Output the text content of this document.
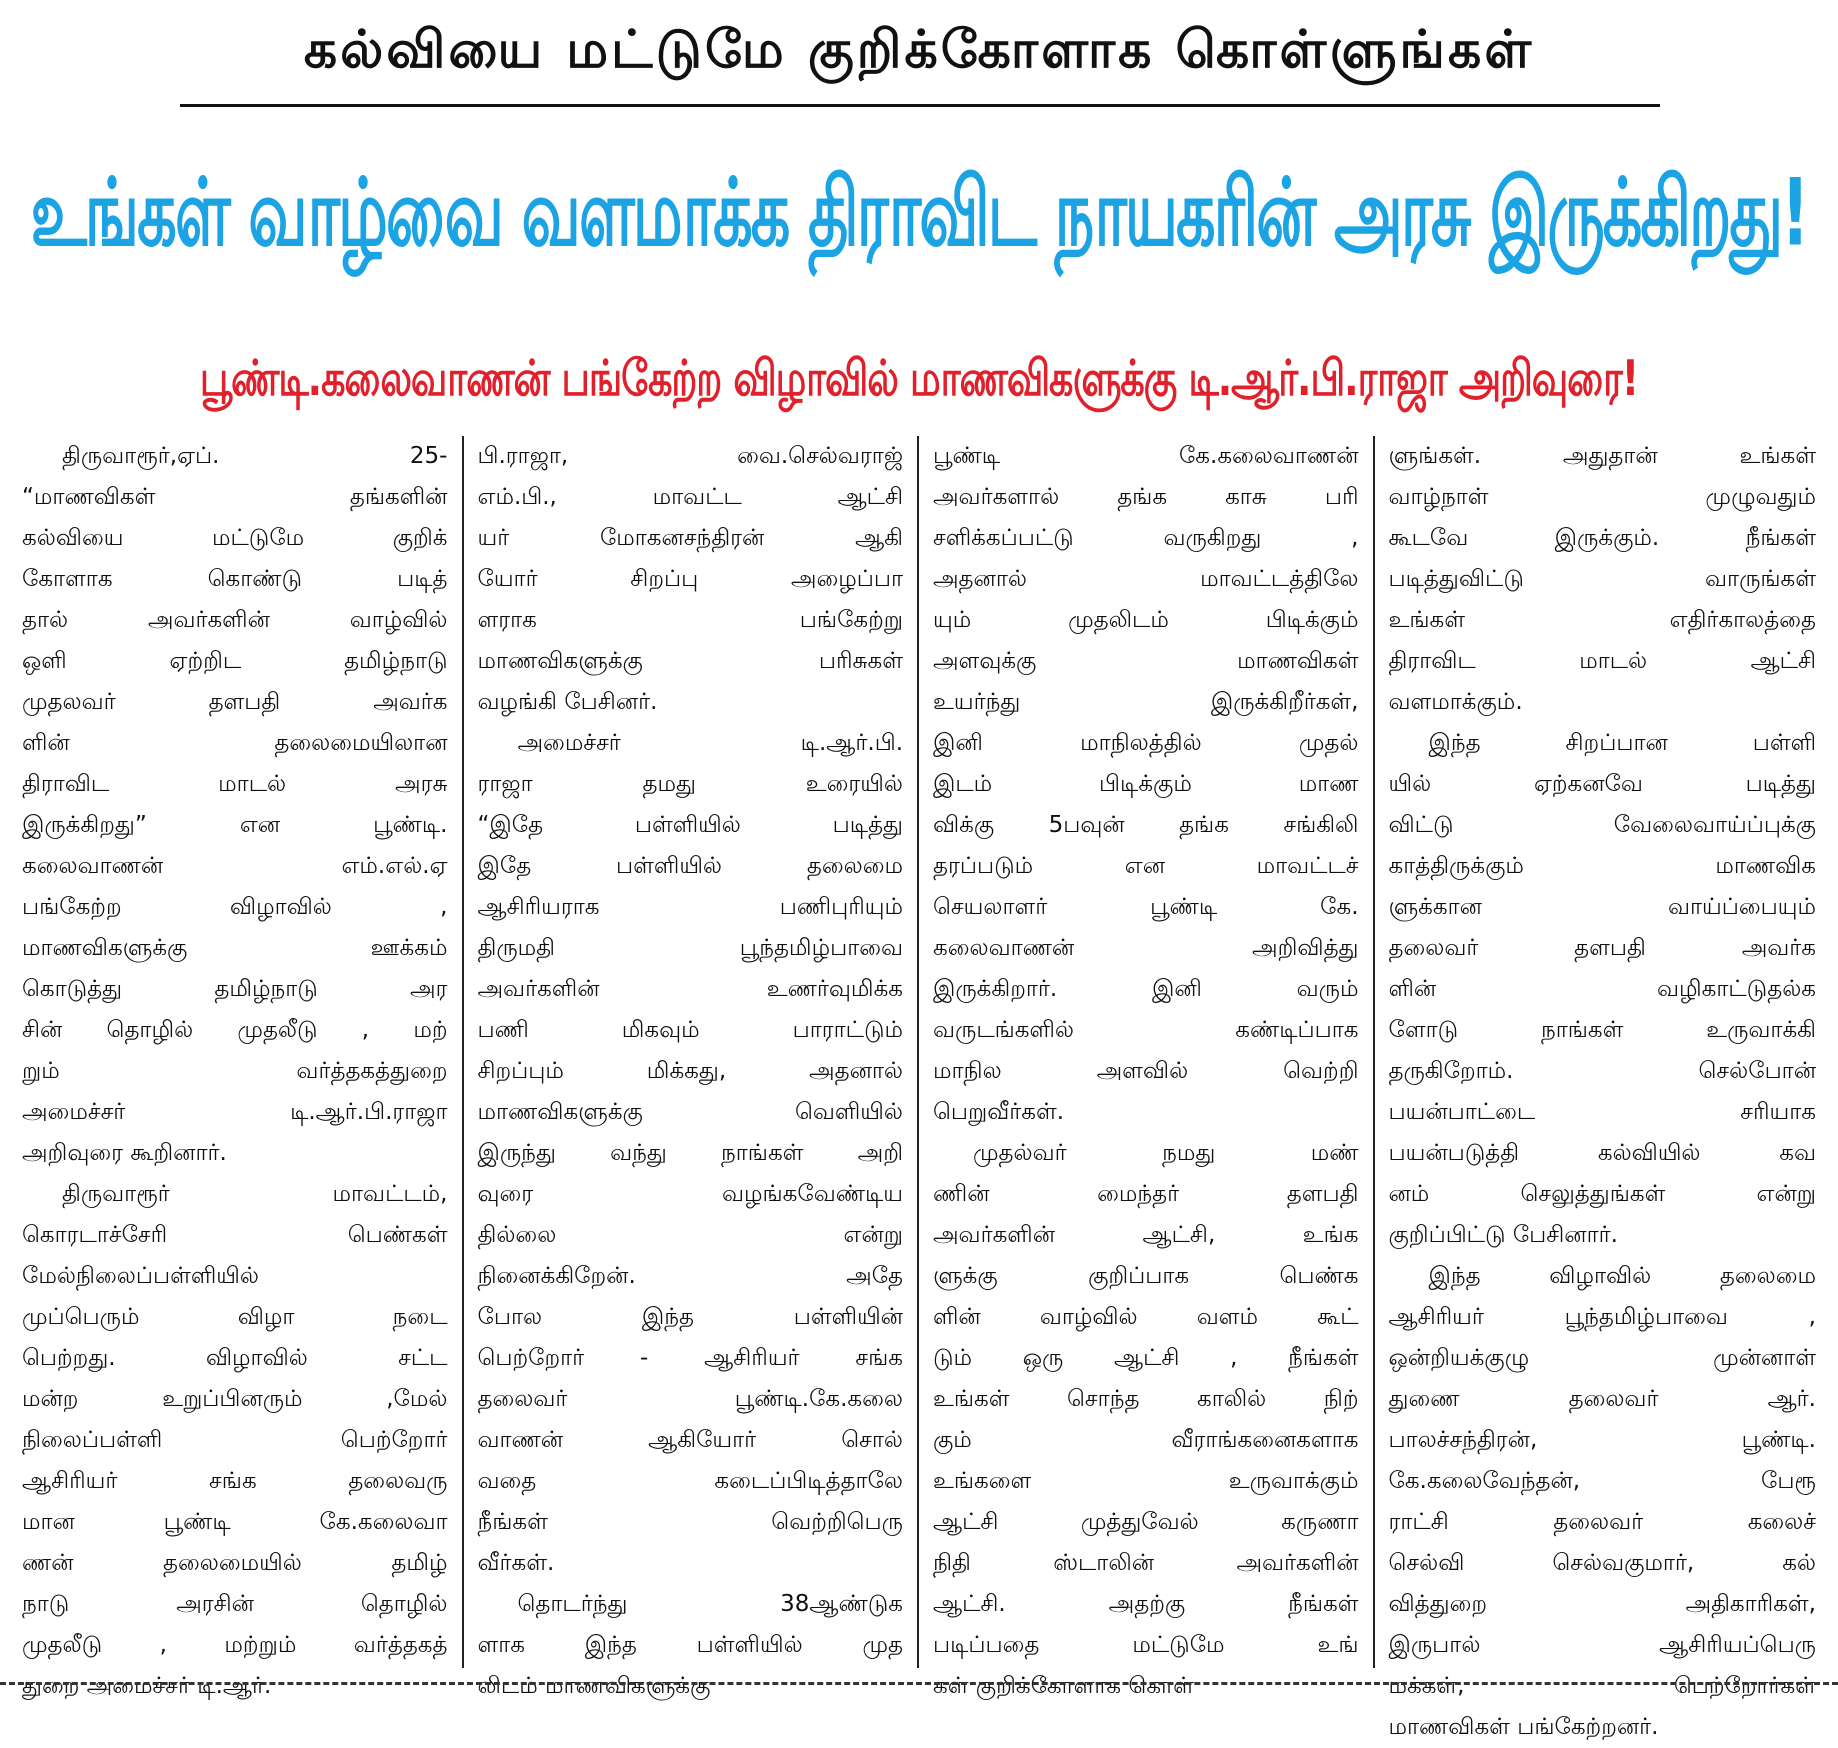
கல்வியை மட்டுமே குறிக்கோளாக கொள்ளுங்கள்
உங்கள் வாழ்வை வளமாக்க திராவிட நாயகரின் அரசு இருக்கிறது!
பூண்டி.கலைவாணன் பங்கேற்ற விழாவில் மாணவிகளுக்கு டி.ஆர்.பி.ராஜா அறிவுரை!
திருவாரூர்,ஏப். 25-
“மாணவிகள் தங்களின்
கல்வியை மட்டுமே குறிக்
கோளாக கொண்டு படித்
தால் அவர்களின் வாழ்வில்
ஒளி ஏற்றிட தமிழ்நாடு
முதலவர் தளபதி அவர்க
ளின் தலைமையிலான
திராவிட மாடல் அரசு
இருக்கிறது” என பூண்டி.
கலைவாணன் எம்.எல்.ஏ
பங்கேற்ற விழாவில் ,
மாணவிகளுக்கு ஊக்கம்
கொடுத்து தமிழ்நாடு அர
சின் தொழில் முதலீடு , மற்
றும் வர்த்தகத்துறை
அமைச்சர் டி.ஆர்.பி.ராஜா
அறிவுரை கூறினார்.
திருவாரூர் மாவட்டம்,
கொரடாச்சேரி பெண்கள்
மேல்நிலைப்பள்ளியில்
முப்பெரும் விழா நடை
பெற்றது. விழாவில் சட்ட
மன்ற உறுப்பினரும் ,மேல்
நிலைப்பள்ளி பெற்றோர்
ஆசிரியர் சங்க தலைவரு
மான பூண்டி கே.கலைவா
ணன் தலைமையில் தமிழ்
நாடு அரசின் தொழில்
முதலீடு , மற்றும் வர்த்தகத்
துறை அமைச்சர் டி.ஆர்.
பி.ராஜா, வை.செல்வராஜ்
எம்.பி., மாவட்ட ஆட்சி
யர் மோகனசந்திரன் ஆகி
யோர் சிறப்பு அழைப்பா
ளராக பங்கேற்று
மாணவிகளுக்கு பரிசுகள்
வழங்கி பேசினர்.
அமைச்சர் டி.ஆர்.பி.
ராஜா தமது உரையில்
“இதே பள்ளியில் படித்து
இதே பள்ளியில் தலைமை
ஆசிரியராக பணிபுரியும்
திருமதி பூந்தமிழ்பாவை
அவர்களின் உணர்வுமிக்க
பணி மிகவும் பாராட்டும்
சிறப்பும் மிக்கது, அதனால்
மாணவிகளுக்கு வெளியில்
இருந்து வந்து நாங்கள் அறி
வுரை வழங்கவேண்டிய
தில்லை என்று
நினைக்கிறேன். அதே
போல இந்த பள்ளியின்
பெற்றோர் - ஆசிரியர் சங்க
தலைவர் பூண்டி.கே.கலை
வாணன் ஆகியோர் சொல்
வதை கடைப்பிடித்தாலே
நீங்கள் வெற்றிபெரு
வீர்கள்.
தொடர்ந்து 38ஆண்டுக
ளாக இந்த பள்ளியில் முத
லிடம் மாணவிகளுக்கு
பூண்டி கே.கலைவாணன்
அவர்களால் தங்க காசு பரி
சளிக்கப்பட்டு வருகிறது ,
அதனால் மாவட்டத்திலே
யும் முதலிடம் பிடிக்கும்
அளவுக்கு மாணவிகள்
உயர்ந்து இருக்கிறீர்கள்,
இனி மாநிலத்தில் முதல்
இடம் பிடிக்கும் மாண
விக்கு 5பவுன் தங்க சங்கிலி
தரப்படும் என மாவட்டச்
செயலாளர் பூண்டி கே.
கலைவாணன் அறிவித்து
இருக்கிறார். இனி வரும்
வருடங்களில் கண்டிப்பாக
மாநில அளவில் வெற்றி
பெறுவீர்கள்.
முதல்வர் நமது மண்
ணின் மைந்தர் தளபதி
அவர்களின் ஆட்சி, உங்க
ளுக்கு குறிப்பாக பெண்க
ளின் வாழ்வில் வளம் கூட்
டும் ஒரு ஆட்சி , நீங்கள்
உங்கள் சொந்த காலில் நிற்
கும் வீராங்கனைகளாக
உங்களை உருவாக்கும்
ஆட்சி முத்துவேல் கருணா
நிதி ஸ்டாலின் அவர்களின்
ஆட்சி. அதற்கு நீங்கள்
படிப்பதை மட்டுமே உங்
கள் குறிக்கோளாக கொள்
ளுங்கள். அதுதான் உங்கள்
வாழ்நாள் முழுவதும்
கூடவே இருக்கும். நீங்கள்
படித்துவிட்டு வாருங்கள்
உங்கள் எதிர்காலத்தை
திராவிட மாடல் ஆட்சி
வளமாக்கும்.
இந்த சிறப்பான பள்ளி
யில் ஏற்கனவே படித்து
விட்டு வேலைவாய்ப்புக்கு
காத்திருக்கும் மாணவிக
ளுக்கான வாய்ப்பையும்
தலைவர் தளபதி அவர்க
ளின் வழிகாட்டுதல்க
ளோடு நாங்கள் உருவாக்கி
தருகிறோம். செல்போன்
பயன்பாட்டை சரியாக
பயன்படுத்தி கல்வியில் கவ
னம் செலுத்துங்கள் என்று
குறிப்பிட்டு பேசினார்.
இந்த விழாவில் தலைமை
ஆசிரியர் பூந்தமிழ்பாவை ,
ஒன்றியக்குழு முன்னாள்
துணை தலைவர் ஆர்.
பாலச்சந்திரன், பூண்டி.
கே.கலைவேந்தன், பேரூ
ராட்சி தலைவர் கலைச்
செல்வி செல்வகுமார், கல்
வித்துறை அதிகாரிகள்,
இருபால் ஆசிரியப்பெரு
மக்கள், பெற்றோர்கள்
மாணவிகள் பங்கேற்றனர்.
